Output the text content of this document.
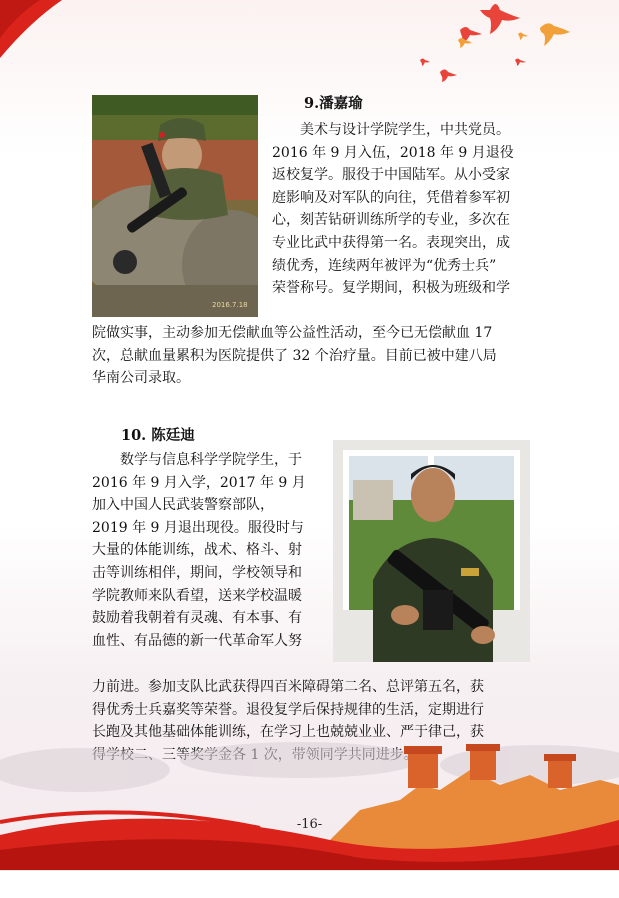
2016.7.18
9.潘嘉瑜

美术与设计学院学生，中共党员。
2016 年 9 月入伍，2018 年 9 月退役
返校复学。服役于中国陆军。从小受家
庭影响及对军队的向往，凭借着参军初
心，刻苦钻研训练所学的专业，多次在
专业比武中获得第一名。表现突出，成
绩优秀，连续两年被评为“优秀士兵”
荣誉称号。复学期间，积极为班级和学

院做实事，主动参加无偿献血等公益性活动，至今已无偿献血 17
次，总献血量累积为医院提供了 32 个治疗量。目前已被中建八局
华南公司录取。

10. 陈廷迪

数学与信息科学学院学生，于
2016 年 9 月入学，2017 年 9 月
加入中国人民武装警察部队，
2019 年 9 月退出现役。服役时与
大量的体能训练，战术、格斗、射
击等训练相伴，期间，学校领导和
学院教师来队看望，送来学校温暖
鼓励着我朝着有灵魂、有本事、有
血性、有品德的新一代革命军人努

力前进。参加支队比武获得四百米障碍第二名、总评第五名，获
得优秀士兵嘉奖等荣誉。退役复学后保持规律的生活，定期进行
长跑及其他基础体能训练，在学习上也兢兢业业、严于律己，获
得学校二、三等奖学金各

-16-
